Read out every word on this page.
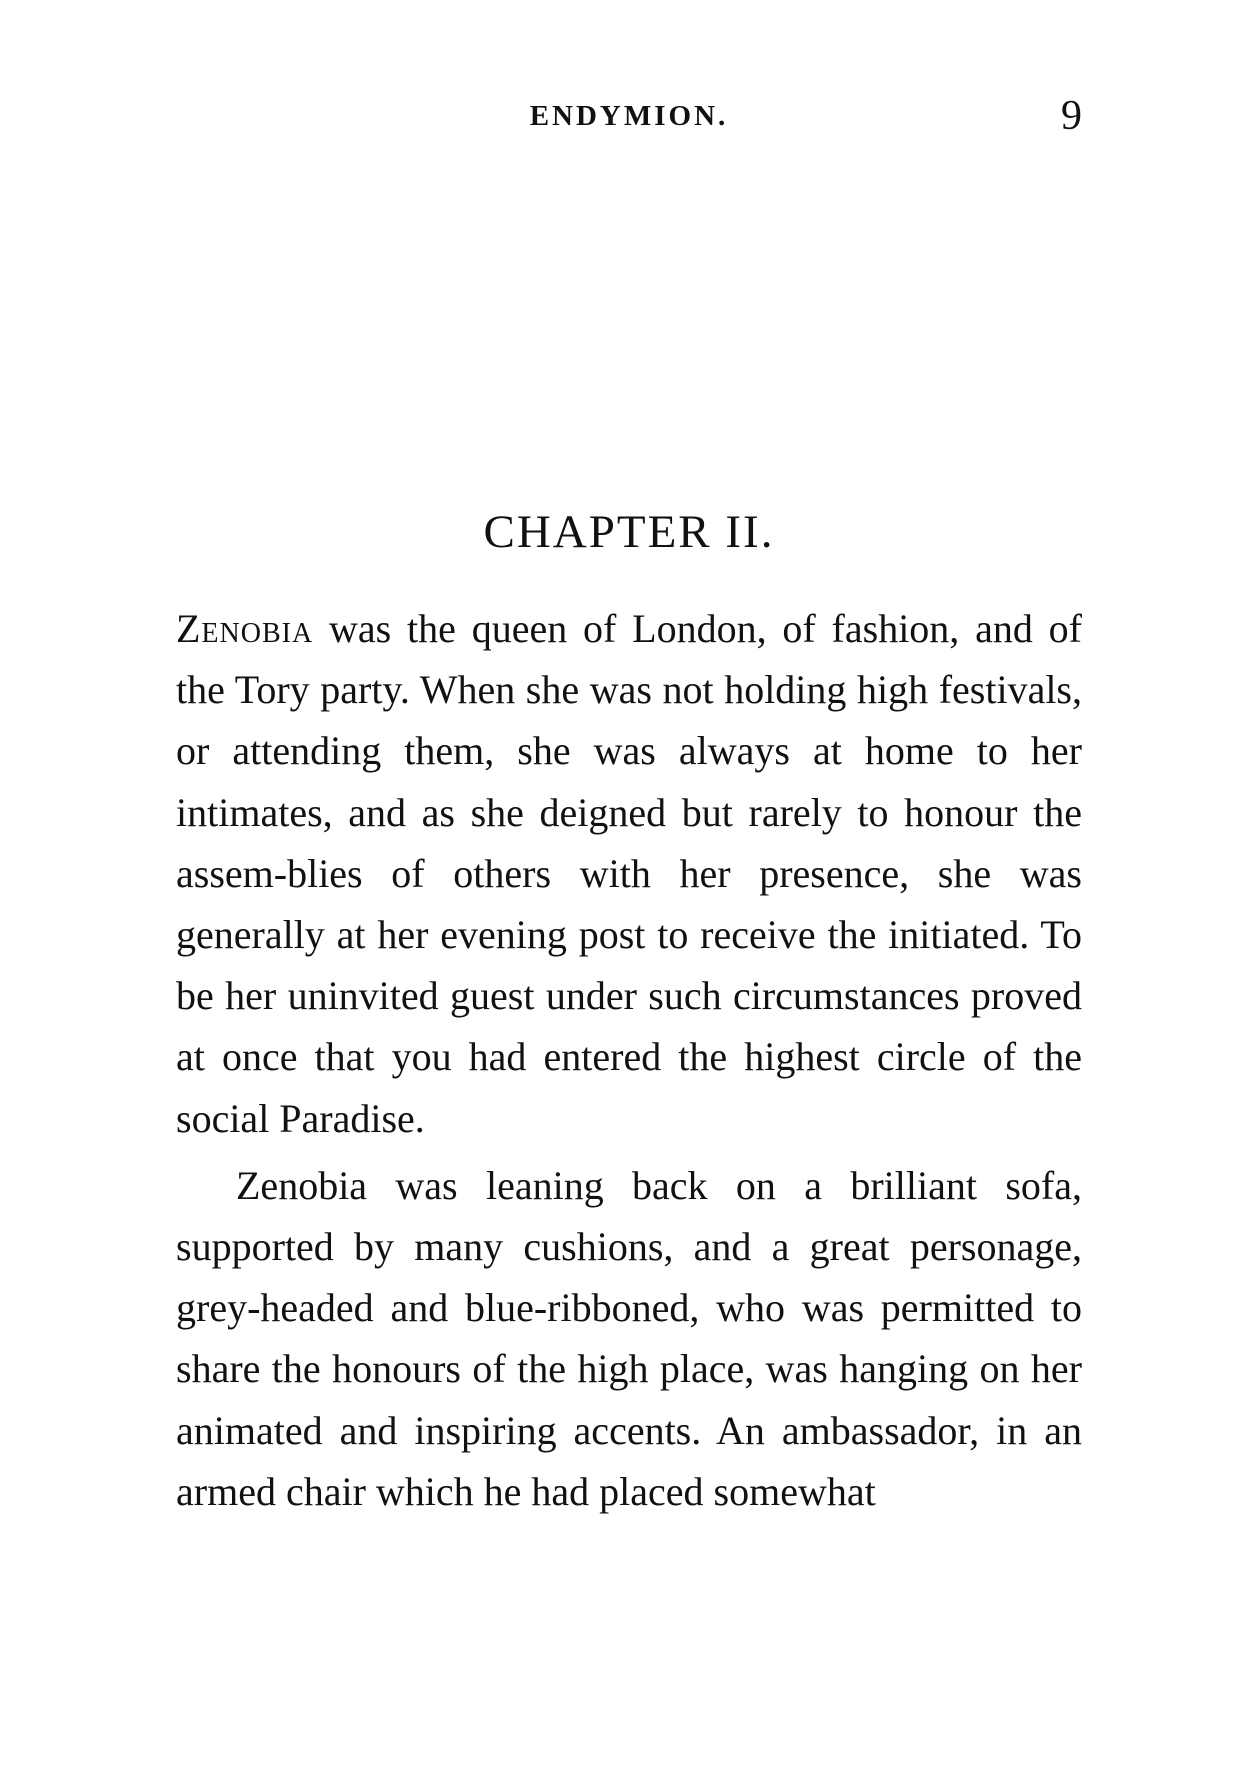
ENDYMION.	9
CHAPTER II.

Zenobia was the queen of London, of fashion, and of the Tory party. When she was not holding high festivals, or attending them, she was always at home to her intimates, and as she deigned but rarely to honour the assem-blies of others with her presence, she was generally at her evening post to receive the initiated. To be her uninvited guest under such circumstances proved at once that you had entered the highest circle of the social Paradise.

Zenobia was leaning back on a brilliant sofa, supported by many cushions, and a great personage, grey-headed and blue-ribboned, who was permitted to share the honours of the high place, was hanging on her animated and inspiring accents. An ambassador, in an armed chair which he had placed somewhat
